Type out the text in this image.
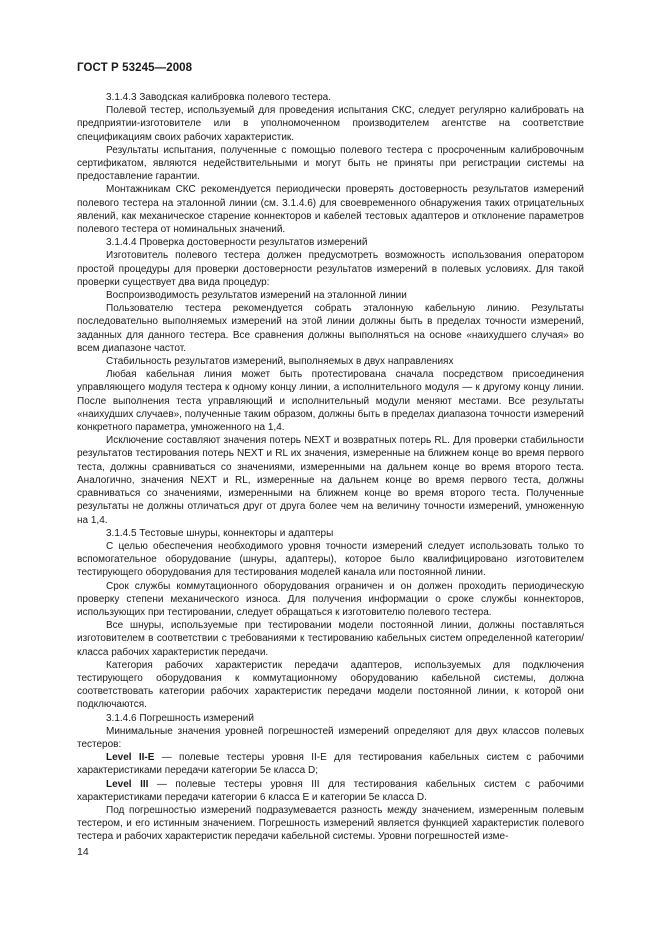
ГОСТ Р 53245—2008

3.1.4.3 Заводская калибровка полевого тестера.

Полевой тестер, используемый для проведения испытания СКС, следует регулярно калибровать на предприятии-изготовителе или в уполномоченном производителем агентстве на соответствие спецификациям своих рабочих характеристик.

Результаты испытания, полученные с помощью полевого тестера с просроченным калибровочным сертификатом, являются недействительными и могут быть не приняты при регистрации системы на предоставление гарантии.

Монтажникам СКС рекомендуется периодически проверять достоверность результатов измерений полевого тестера на эталонной линии (см. 3.1.4.6) для своевременного обнаружения таких отрицательных явлений, как механическое старение коннекторов и кабелей тестовых адаптеров и отклонение параметров полевого тестера от номинальных значений.

3.1.4.4 Проверка достоверности результатов измерений

Изготовитель полевого тестера должен предусмотреть возможность использования оператором простой процедуры для проверки достоверности результатов измерений в полевых условиях. Для такой проверки существует два вида процедур:

Воспроизводимость результатов измерений на эталонной линии

Пользователю тестера рекомендуется собрать эталонную кабельную линию. Результаты последовательно выполняемых измерений на этой линии должны быть в пределах точности измерений, заданных для данного тестера. Все сравнения должны выполняться на основе «наихудшего случая» во всем диапазоне частот.

Стабильность результатов измерений, выполняемых в двух направлениях

Любая кабельная линия может быть протестирована сначала посредством присоединения управляющего модуля тестера к одному концу линии, а исполнительного модуля — к другому концу линии. После выполнения теста управляющий и исполнительный модули меняют местами. Все результаты «наихудших случаев», полученные таким образом, должны быть в пределах диапазона точности измерений конкретного параметра, умноженного на 1,4.

Исключение составляют значения потерь NEXT и возвратных потерь RL. Для проверки стабильности результатов тестирования потерь NEXT и RL их значения, измеренные на ближнем конце во время первого теста, должны сравниваться со значениями, измеренными на дальнем конце во время второго теста. Аналогично, значения NEXT и RL, измеренные на дальнем конце во время первого теста, должны сравниваться со значениями, измеренными на ближнем конце во время второго теста. Полученные результаты не должны отличаться друг от друга более чем на величину точности измерений, умноженную на 1,4.

3.1.4.5 Тестовые шнуры, коннекторы и адаптеры

С целью обеспечения необходимого уровня точности измерений следует использовать только то вспомогательное оборудование (шнуры, адаптеры), которое было квалифицировано изготовителем тестирующего оборудования для тестирования моделей канала или постоянной линии.

Срок службы коммутационного оборудования ограничен и он должен проходить периодическую проверку степени механического износа. Для получения информации о сроке службы коннекторов, использующих при тестировании, следует обращаться к изготовителю полевого тестера.

Все шнуры, используемые при тестировании модели постоянной линии, должны поставляться изготовителем в соответствии с требованиями к тестированию кабельных систем определенной категории/класса рабочих характеристик передачи.

Категория рабочих характеристик передачи адаптеров, используемых для подключения тестирующего оборудования к коммутационному оборудованию кабельной системы, должна соответствовать категории рабочих характеристик передачи модели постоянной линии, к которой они подключаются.

3.1.4.6 Погрешность измерений

Минимальные значения уровней погрешностей измерений определяют для двух классов полевых тестеров:

Level II-E — полевые тестеры уровня II-Е для тестирования кабельных систем с рабочими характеристиками передачи категории 5е класса D;

Level III — полевые тестеры уровня III для тестирования кабельных систем с рабочими характеристиками передачи категории 6 класса E и категории 5е класса D.

Под погрешностью измерений подразумевается разность между значением, измеренным полевым тестером, и его истинным значением. Погрешность измерений является функцией характеристик полевого тестера и рабочих характеристик передачи кабельной системы. Уровни погрешностей изме-

14
